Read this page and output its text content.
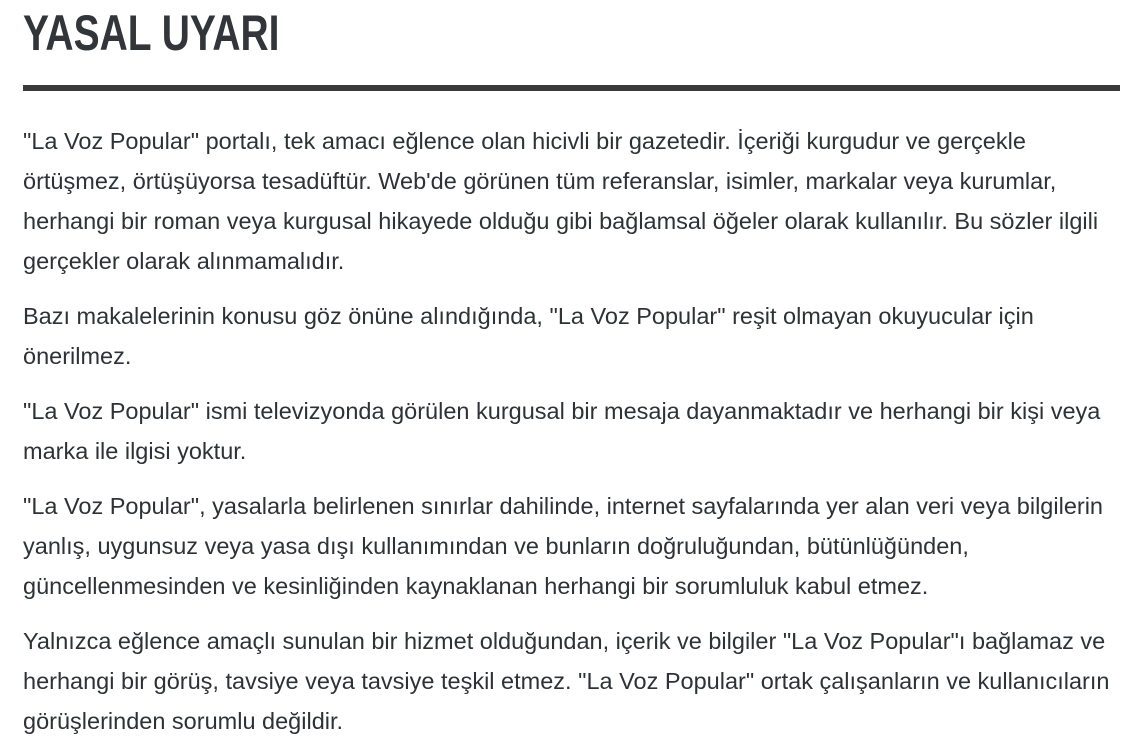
YASAL UYARI

"La Voz Popular" portalı, tek amacı eğlence olan hicivli bir gazetedir. İçeriği kurgudur ve gerçekle örtüşmez, örtüşüyorsa tesadüftür. Web'de görünen tüm referanslar, isimler, markalar veya kurumlar, herhangi bir roman veya kurgusal hikayede olduğu gibi bağlamsal öğeler olarak kullanılır. Bu sözler ilgili gerçekler olarak alınmamalıdır.

Bazı makalelerinin konusu göz önüne alındığında, "La Voz Popular" reşit olmayan okuyucular için önerilmez.

"La Voz Popular" ismi televizyonda görülen kurgusal bir mesaja dayanmaktadır ve herhangi bir kişi veya marka ile ilgisi yoktur.

"La Voz Popular", yasalarla belirlenen sınırlar dahilinde, internet sayfalarında yer alan veri veya bilgilerin yanlış, uygunsuz veya yasa dışı kullanımından ve bunların doğruluğundan, bütünlüğünden, güncellenmesinden ve kesinliğinden kaynaklanan herhangi bir sorumluluk kabul etmez.

Yalnızca eğlence amaçlı sunulan bir hizmet olduğundan, içerik ve bilgiler "La Voz Popular"ı bağlamaz ve herhangi bir görüş, tavsiye veya tavsiye teşkil etmez. "La Voz Popular" ortak çalışanların ve kullanıcıların görüşlerinden sorumlu değildir.
